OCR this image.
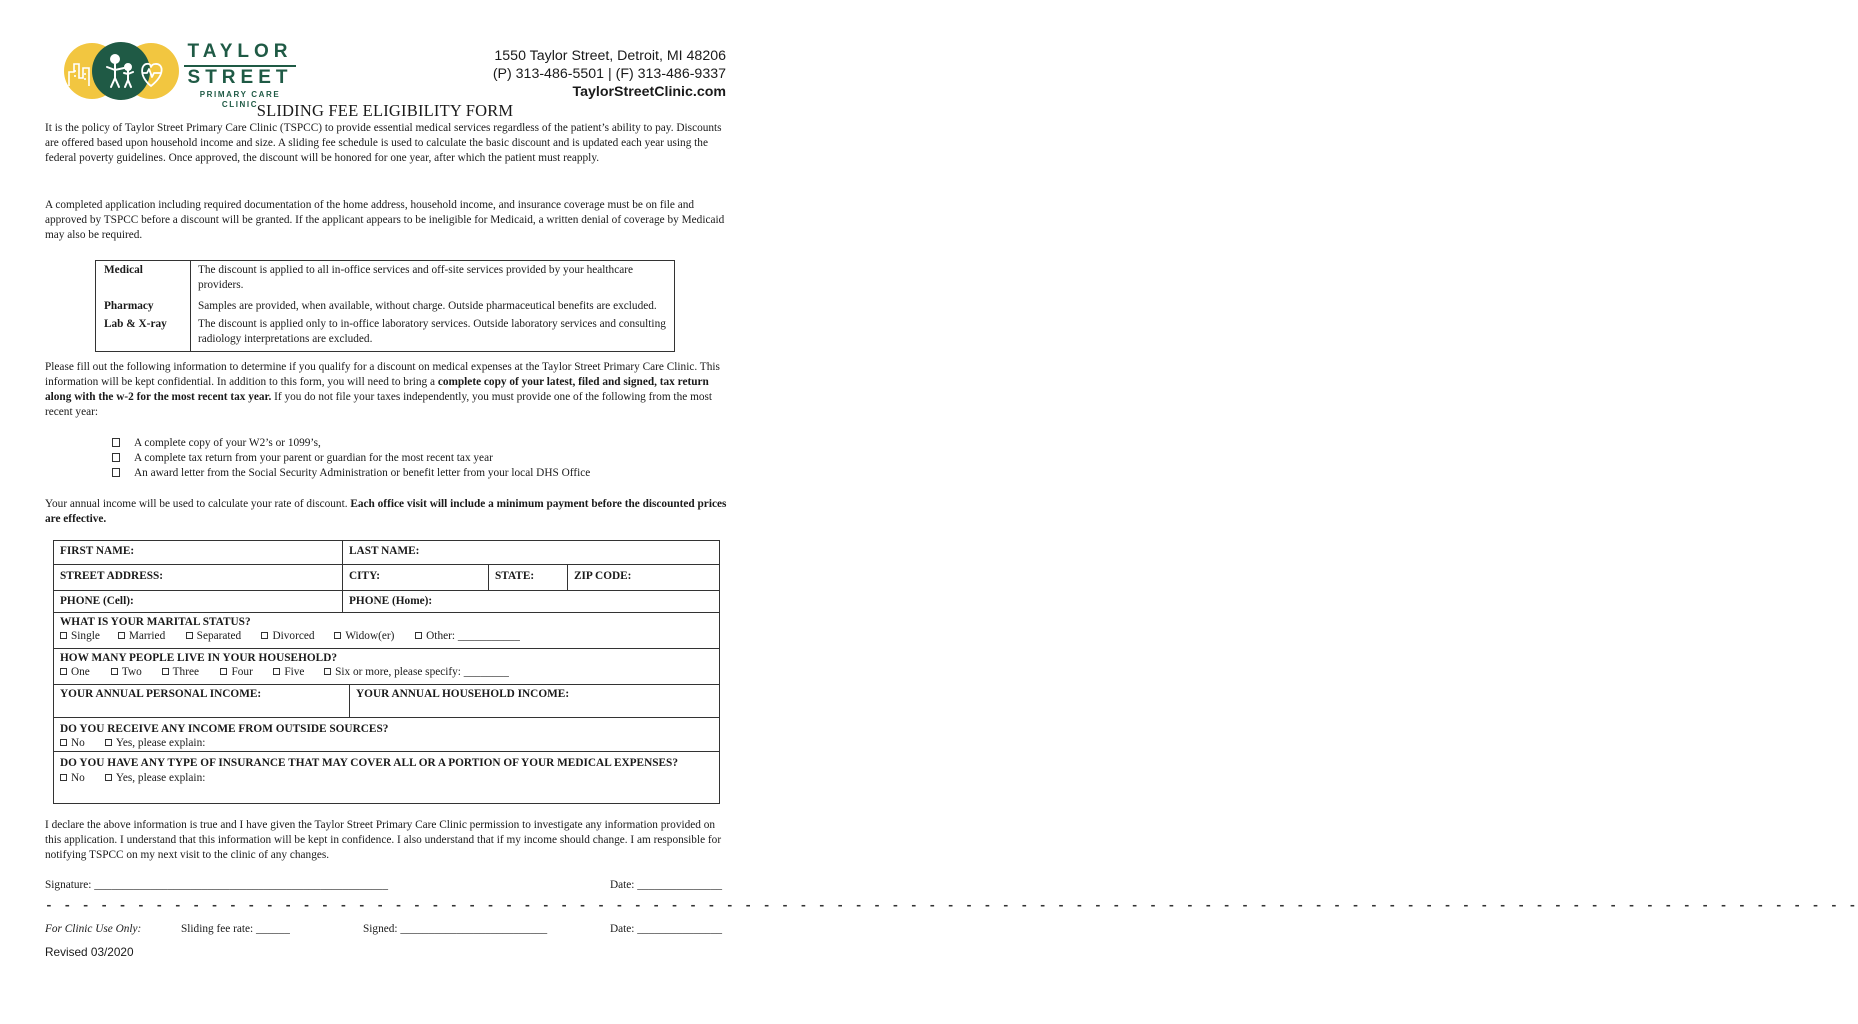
TAYLOR
STREET
PRIMARY CARE CLINIC
1550 Taylor Street, Detroit, MI 48206
(P) 313-486-5501 | (F) 313-486-9337
TaylorStreetClinic.com
SLIDING FEE ELIGIBILITY FORM
It is the policy of Taylor Street Primary Care Clinic (TSPCC) to provide essential medical services regardless of the patient’s ability to pay. Discounts are offered based upon household income and size. A sliding fee schedule is used to calculate the basic discount and is updated each year using the federal poverty guidelines. Once approved, the discount will be honored for one year, after which the patient must reapply.
A completed application including required documentation of the home address, household income, and insurance coverage must be on file and approved by TSPCC before a discount will be granted. If the applicant appears to be ineligible for Medicaid, a written denial of coverage by Medicaid may also be required.
Medical	The discount is applied to all in-office services and off-site services provided by your healthcare providers.
Pharmacy	Samples are provided, when available, without charge. Outside pharmaceutical benefits are excluded.
Lab & X-ray	The discount is applied only to in-office laboratory services. Outside laboratory services and consulting radiology interpretations are excluded.
Please fill out the following information to determine if you qualify for a discount on medical expenses at the Taylor Street Primary Care Clinic. This information will be kept confidential. In addition to this form, you will need to bring a complete copy of your latest, filed and signed, tax return along with the w-2 for the most recent tax year. If you do not file your taxes independently, you must provide one of the following from the most recent year:
A complete copy of your W2’s or 1099’s,
A complete tax return from your parent or guardian for the most recent tax year
An award letter from the Social Security Administration or benefit letter from your local DHS Office
Your annual income will be used to calculate your rate of discount. Each office visit will include a minimum payment before the discounted prices are effective.
FIRST NAME:	LAST NAME:
STREET ADDRESS:	CITY:	STATE:	ZIP CODE:
PHONE (Cell):	PHONE (Home):
WHAT IS YOUR MARITAL STATUS?
Single	Married	Separated	Divorced	Widow(er)	Other: ___________
HOW MANY PEOPLE LIVE IN YOUR HOUSEHOLD?
One	Two	Three	Four	Five	Six or more, please specify: ________
YOUR ANNUAL PERSONAL INCOME:	YOUR ANNUAL HOUSEHOLD INCOME:
DO YOU RECEIVE ANY INCOME FROM OUTSIDE SOURCES?
No	Yes, please explain:
DO YOU HAVE ANY TYPE OF INSURANCE THAT MAY COVER ALL OR A PORTION OF YOUR MEDICAL EXPENSES?
No	Yes, please explain:
I declare the above information is true and I have given the Taylor Street Primary Care Clinic permission to investigate any information provided on this application. I understand that this information will be kept in confidence. I also understand that if my income should change. I am responsible for notifying TSPCC on my next visit to the clinic of any changes.
Signature: ____________________________________________________	Date: _______________
- - - - - - - - - - - - - - - - - - - - - - - - - - - - - - - - - - - - - - - - - - - - - - - - - - - - - - - - - - - - - - - - - - - - - - - - - - - - - - - - - - - - - - - - - - - - - - - - - - -
For Clinic Use Only:	Sliding fee rate: ______	Signed: __________________________	Date: _______________
Revised 03/2020
